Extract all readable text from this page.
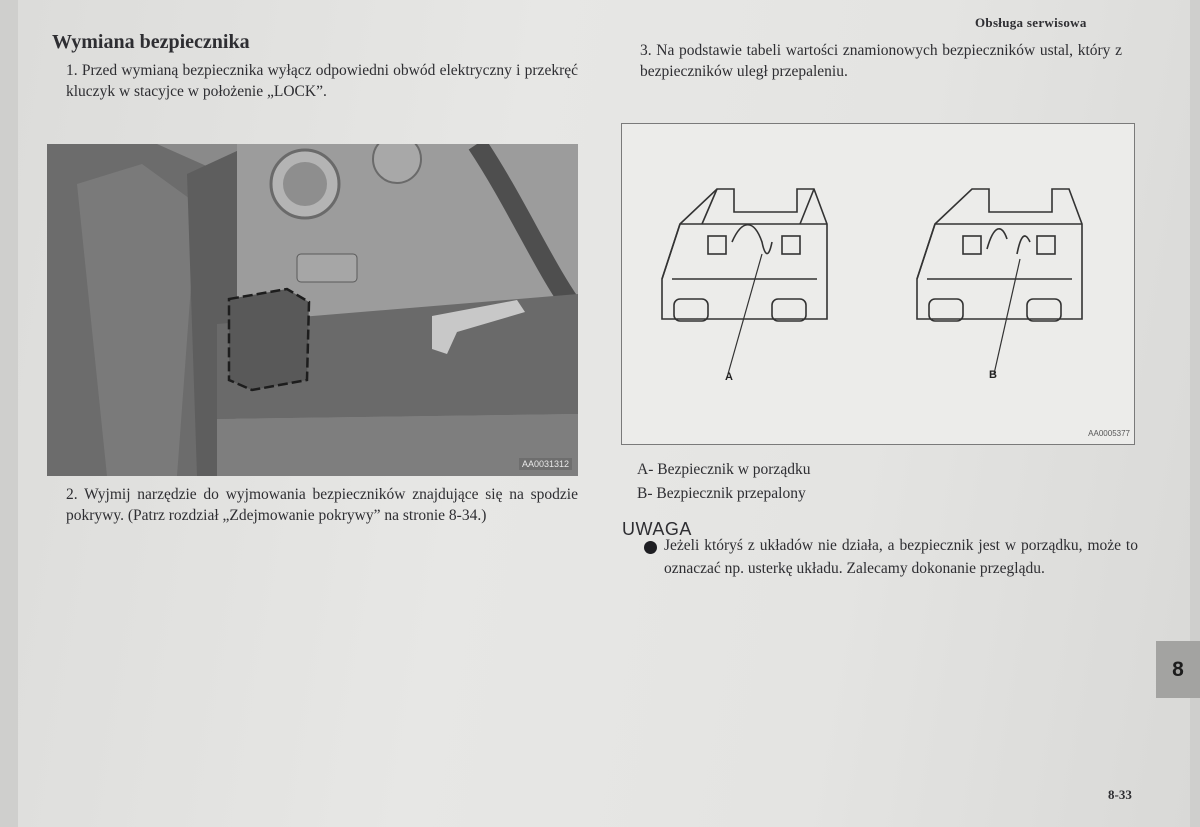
Obsługa serwisowa
Wymiana bezpiecznika

1. Przed wymianą bezpiecznika wyłącz odpowiedni obwód elektryczny i przekręć kluczyk w stacyjce w położenie „LOCK”.

AA0031312

2. Wyjmij narzędzie do wyjmowania bezpieczników znajdujące się na spodzie pokrywy. (Patrz rozdział „Zdejmowanie pokrywy” na stronie 8-34.)

3. Na podstawie tabeli wartości znamionowych bezpieczników ustal, który z bezpieczników uległ przepaleniu.

A	B
AA0005377
A- Bezpiecznik w porządku
B- Bezpiecznik przepalony
UWAGA

Jeżeli któryś z układów nie działa, a bezpiecznik jest w porządku, może to oznaczać np. usterkę układu. Zalecamy dokonanie przeglądu.

8
8-33
